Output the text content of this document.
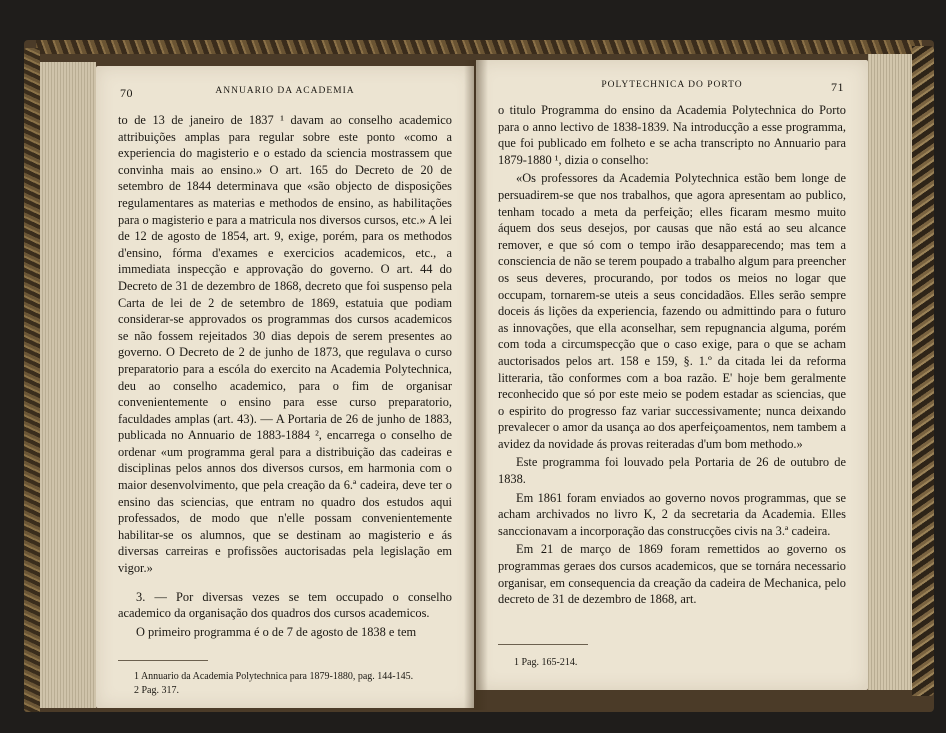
70	ANNUARIO DA ACADEMIA

to de 13 de janeiro de 1837 ¹ davam ao conselho academico attribuições amplas para regular sobre este ponto «como a experiencia do magisterio e o estado da sciencia mostrassem que convinha mais ao ensino.» O art. 165 do Decreto de 20 de setembro de 1844 determinava que «são objecto de disposições regulamentares as materias e methodos de ensino, as habilitações para o magisterio e para a matricula nos diversos cursos, etc.» A lei de 12 de agosto de 1854, art. 9, exige, porém, para os methodos d'ensino, fórma d'exames e exercicios academicos, etc., a immediata inspecção e approvação do governo. O art. 44 do Decreto de 31 de dezembro de 1868, decreto que foi suspenso pela Carta de lei de 2 de setembro de 1869, estatuia que podiam considerar-se approvados os programmas dos cursos academicos se não fossem rejeitados 30 dias depois de serem presentes ao governo. O Decreto de 2 de junho de 1873, que regulava o curso preparatorio para a escóla do exercito na Academia Polytechnica, deu ao conselho academico, para o fim de organisar convenientemente o ensino para esse curso preparatorio, faculdades amplas (art. 43). — A Portaria de 26 de junho de 1883, publicada no Annuario de 1883-1884 ², encarrega o conselho de ordenar «um programma geral para a distribuição das cadeiras e disciplinas pelos annos dos diversos cursos, em harmonia com o maior desenvolvimento, que pela creação da 6.ª cadeira, deve ter o ensino das sciencias, que entram no quadro dos estudos aqui professados, de modo que n'elle possam convenientemente habilitar-se os alumnos, que se destinam ao magisterio e ás diversas carreiras e profissões auctorisadas pela legislação em vigor.»

3. — Por diversas vezes se tem occupado o conselho academico da organisação dos quadros dos cursos academicos.

O primeiro programma é o de 7 de agosto de 1838 e tem

1 Annuario da Academia Polytechnica para 1879-1880, pag. 144-145.
2 Pag. 317.
POLYTECHNICA DO PORTO	71

o titulo Programma do ensino da Academia Polytechnica do Porto para o anno lectivo de 1838-1839. Na introducção a esse programma, que foi publicado em folheto e se acha transcripto no Annuario para 1879-1880 ¹, dizia o conselho:

«Os professores da Academia Polytechnica estão bem longe de persuadirem-se que nos trabalhos, que agora apresentam ao publico, tenham tocado a meta da perfeição; elles ficaram mesmo muito áquem dos seus desejos, por causas que não está ao seu alcance remover, e que só com o tempo irão desapparecendo; mas tem a consciencia de não se terem poupado a trabalho algum para preencher os seus deveres, procurando, por todos os meios no logar que occupam, tornarem-se uteis a seus concidadãos. Elles serão sempre doceis ás lições da experiencia, fazendo ou admittindo para o futuro as innovações, que ella aconselhar, sem repugnancia alguma, porém com toda a circumspecção que o caso exige, para o que se acham auctorisados pelos art. 158 e 159, §. 1.º da citada lei da reforma litteraria, tão conformes com a boa razão. E' hoje bem geralmente reconhecido que só por este meio se podem estadar as sciencias, que o espirito do progresso faz variar successivamente; nunca deixando prevalecer o amor da usança ao dos aperfeiçoamentos, nem tambem a avidez da novidade ás provas reiteradas d'um bom methodo.»

Este programma foi louvado pela Portaria de 26 de outubro de 1838.

Em 1861 foram enviados ao governo novos programmas, que se acham archivados no livro K, 2 da secretaria da Academia. Elles sanccionavam a incorporação das construcções civis na 3.ª cadeira.

Em 21 de março de 1869 foram remettidos ao governo os programmas geraes dos cursos academicos, que se tornára necessario organisar, em consequencia da creação da cadeira de Mechanica, pelo decreto de 31 de dezembro de 1868, art.

1 Pag. 165-214.
